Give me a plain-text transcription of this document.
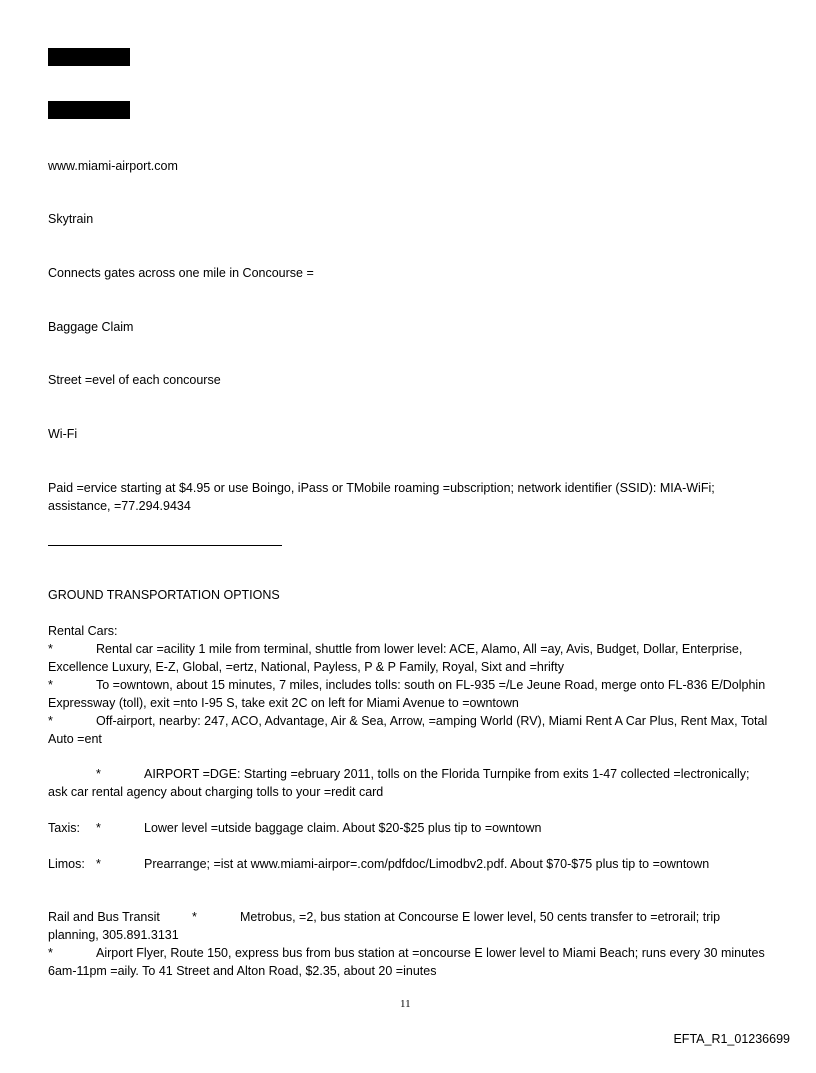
www.miami-airport.com
Skytrain
Connects gates across one mile in Concourse =
Baggage Claim
Street =evel of each concourse
Wi-Fi
Paid =ervice starting at $4.95 or use Boingo, iPass or TMobile roaming =ubscription; network identifier (SSID): MIA-WiFi; assistance, =77.294.9434
GROUND TRANSPORTATION OPTIONS
Rental Cars:
*	Rental car =acility 1 mile from terminal, shuttle from lower level: ACE, Alamo, All =ay, Avis, Budget, Dollar, Enterprise, Excellence Luxury, E-Z, Global, =ertz, National, Payless, P & P Family, Royal, Sixt and =hrifty
*	To =owntown, about 15 minutes, 7 miles, includes tolls: south on FL-935 =/Le Jeune Road, merge onto FL-836 E/Dolphin Expressway (toll), exit =nto I-95 S, take exit 2C on left for Miami Avenue to =owntown
*	Off-airport, nearby: 247, ACO, Advantage, Air & Sea, Arrow, =amping World (RV), Miami Rent A Car Plus, Rent Max, Total Auto =ent
*	AIRPORT =DGE: Starting =ebruary 2011, tolls on the Florida Turnpike from exits 1-47 collected =lectronically; ask car rental agency about charging tolls to your =redit card
Taxis: *	Lower level =utside baggage claim. About $20-$25 plus tip to =owntown
Limos: *	Prearrange; =ist at www.miami-airpor=.com/pdfdoc/Limodbv2.pdf. About $70-$75 plus tip to =owntown
Rail and Bus Transit	*	Metrobus, =2, bus station at Concourse E lower level, 50 cents transfer to =etrorail; trip planning, 305.891.3131
*	Airport Flyer, Route 150, express bus from bus station at =oncourse E lower level to Miami Beach; runs every 30 minutes 6am-11pm =aily. To 41 Street and Alton Road, $2.35, about 20 =inutes
11
EFTA_R1_01236699
